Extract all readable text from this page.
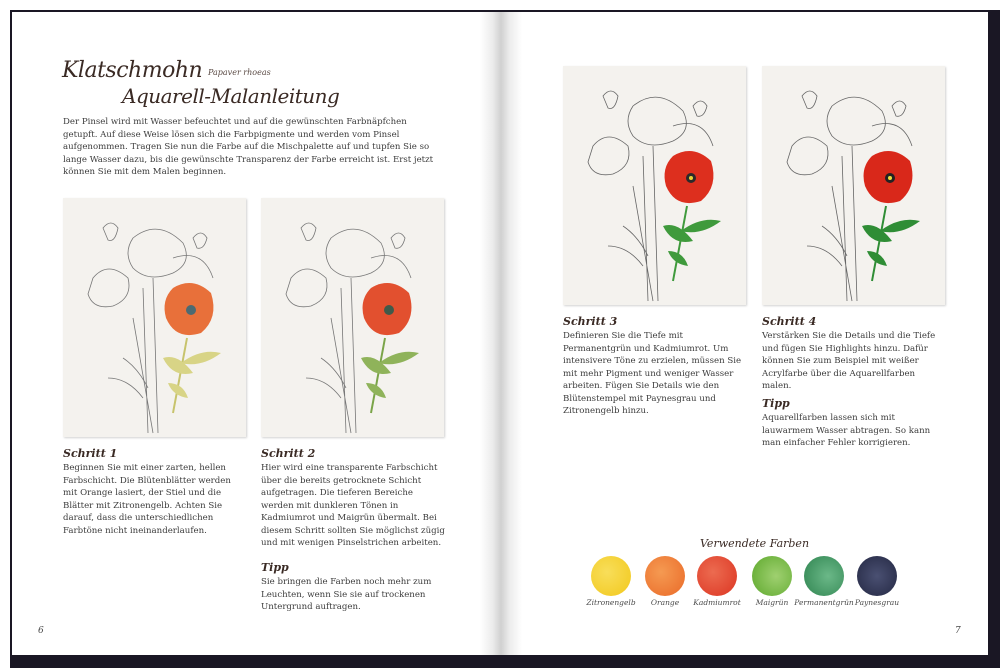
Klatschmohn Papaver rhoeas
Aquarell-Malanleitung
Der Pinsel wird mit Wasser befeuchtet und auf die gewünschten Farbnäpfchen getupft. Auf diese Weise lösen sich die Farbpigmente und werden vom Pinsel aufgenommen. Tragen Sie nun die Farbe auf die Mischpalette auf und tupfen Sie so lange Wasser dazu, bis die gewünschte Transparenz der Farbe erreicht ist. Erst jetzt können Sie mit dem Malen beginnen.
Schritt 1
Beginnen Sie mit einer zarten, hellen Farbschicht. Die Blütenblätter werden mit Orange lasiert, der Stiel und die Blätter mit Zitronengelb. Achten Sie darauf, dass die unterschiedlichen Farbtöne nicht ineinanderlaufen.
Schritt 2
Hier wird eine transparente Farbschicht über die bereits getrocknete Schicht aufgetragen. Die tieferen Bereiche werden mit dunkleren Tönen in Kadmiumrot und Maigrün übermalt. Bei diesem Schritt sollten Sie möglichst zügig und mit wenigen Pinselstrichen arbeiten.
Tipp
Sie bringen die Farben noch mehr zum Leuchten, wenn Sie sie auf trockenen Untergrund auftragen.
6
Schritt 3
Definieren Sie die Tiefe mit Permanentgrün und Kadmiumrot. Um intensivere Töne zu erzielen, müssen Sie mit mehr Pigment und weniger Wasser arbeiten. Fügen Sie Details wie den Blütenstempel mit Paynesgrau und Zitronengelb hinzu.
Schritt 4
Verstärken Sie die Details und die Tiefe und fügen Sie Highlights hinzu. Dafür können Sie zum Beispiel mit weißer Acrylfarbe über die Aquarellfarben malen.
Tipp
Aquarellfarben lassen sich mit lauwarmem Wasser abtragen. So kann man einfacher Fehler korrigieren.
Verwendete Farben
Zitronengelb	Orange	Kadmiumrot	Maigrün Permanentgrün Paynesgrau
7
